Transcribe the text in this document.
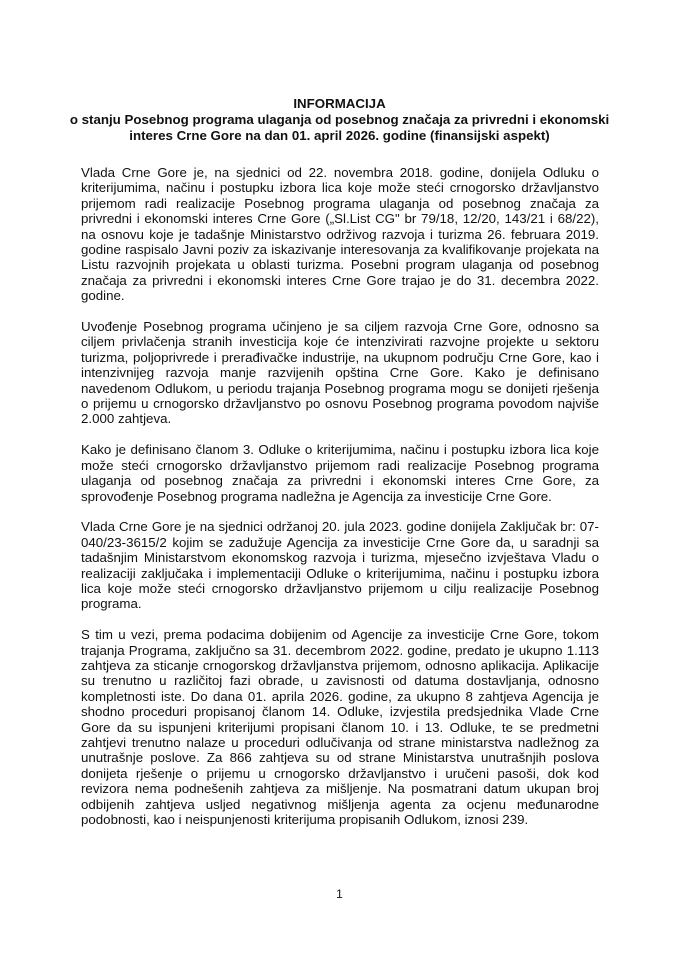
INFORMACIJA
o stanju Posebnog programa ulaganja od posebnog značaja za privredni i ekonomski
interes Crne Gore na dan 01. april 2026. godine (finansijski aspekt)

Vlada Crne Gore je, na sjednici od 22. novembra 2018. godine, donijela Odluku o kriterijumima, načinu i postupku izbora lica koje može steći crnogorsko državljanstvo prijemom radi realizacije Posebnog programa ulaganja od posebnog značaja za privredni i ekonomski interes Crne Gore („Sl.List CG" br 79/18, 12/20, 143/21 i 68/22), na osnovu koje je tadašnje Ministarstvo održivog razvoja i turizma 26. februara 2019. godine raspisalo Javni poziv za iskazivanje interesovanja za kvalifikovanje projekata na Listu razvojnih projekata u oblasti turizma. Posebni program ulaganja od posebnog značaja za privredni i ekonomski interes Crne Gore trajao je do 31. decembra 2022. godine.

Uvođenje Posebnog programa učinjeno je sa ciljem razvoja Crne Gore, odnosno sa ciljem privlačenja stranih investicija koje će intenzivirati razvojne projekte u sektoru turizma, poljoprivrede i prerađivačke industrije, na ukupnom području Crne Gore, kao i intenzivnijeg razvoja manje razvijenih opština Crne Gore. Kako je definisano navedenom Odlukom, u periodu trajanja Posebnog programa mogu se donijeti rješenja o prijemu u crnogorsko državljanstvo po osnovu Posebnog programa povodom najviše 2.000 zahtjeva.

Kako je definisano članom 3. Odluke o kriterijumima, načinu i postupku izbora lica koje može steći crnogorsko državljanstvo prijemom radi realizacije Posebnog programa ulaganja od posebnog značaja za privredni i ekonomski interes Crne Gore, za sprovođenje Posebnog programa nadležna je Agencija za investicije Crne Gore.

Vlada Crne Gore je na sjednici održanoj 20. jula 2023. godine donijela Zaključak br: 07-040/23-3615/2 kojim se zadužuje Agencija za investicije Crne Gore da, u saradnji sa tadašnjim Ministarstvom ekonomskog razvoja i turizma, mjesečno izvještava Vladu o realizaciji zaključaka i implementaciji Odluke o kriterijumima, načinu i postupku izbora lica koje može steći crnogorsko državljanstvo prijemom u cilju realizacije Posebnog programa.

S tim u vezi, prema podacima dobijenim od Agencije za investicije Crne Gore, tokom trajanja Programa, zaključno sa 31. decembrom 2022. godine, predato je ukupno 1.113 zahtjeva za sticanje crnogorskog državljanstva prijemom, odnosno aplikacija. Aplikacije su trenutno u različitoj fazi obrade, u zavisnosti od datuma dostavljanja, odnosno kompletnosti iste. Do dana 01. aprila 2026. godine, za ukupno 8 zahtjeva Agencija je shodno proceduri propisanoj članom 14. Odluke, izvjestila predsjednika Vlade Crne Gore da su ispunjeni kriterijumi propisani članom 10. i 13. Odluke, te se predmetni zahtjevi trenutno nalaze u proceduri odlučivanja od strane ministarstva nadležnog za unutrašnje poslove. Za 866 zahtjeva su od strane Ministarstva unutrašnjih poslova donijeta rješenje o prijemu u crnogorsko državljanstvo i uručeni pasoši, dok kod revizora nema podnešenih zahtjeva za mišljenje. Na posmatrani datum ukupan broj odbijenih zahtjeva usljed negativnog mišljenja agenta za ocjenu međunarodne podobnosti, kao i neispunjenosti kriterijuma propisanih Odlukom, iznosi 239.

1
